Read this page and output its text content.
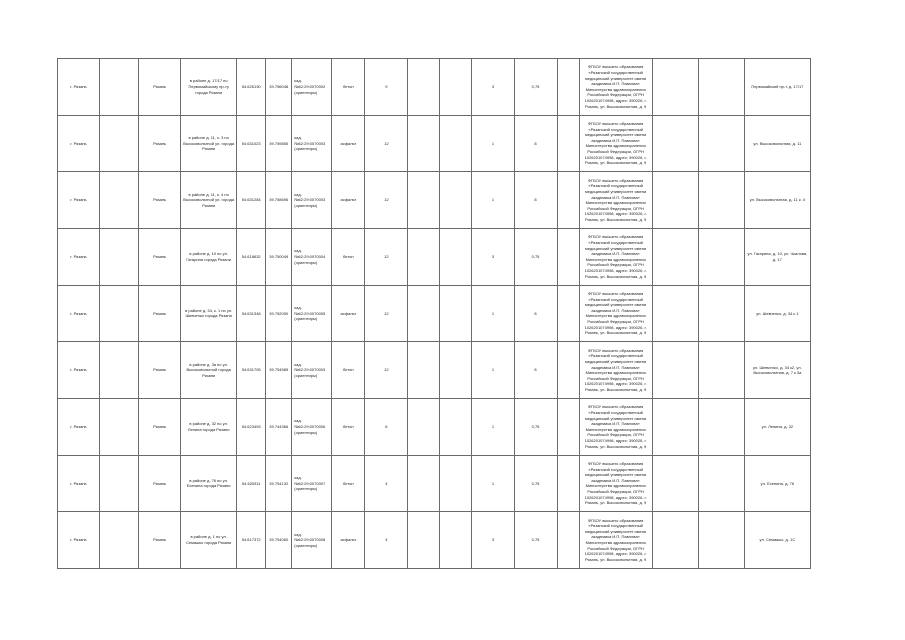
г. Рязань		Рязань	в районе д. 17/17 по Первомайскому пр-ту города Рязани	54.626130	39.756048	кад.№62:29:0070002 (ориентиры)	бетон	9			3	0,75		ФГБОУ высшего образования «Рязанский государственный медицинский университет имени академика И.П. Павлова» Министерства здравоохранения Российской Федерации, ОГРН 1026201074998, адрес: 390026, г. Рязань, ул. Высоковольтная, д. 9			Первомайский пр-т, д. 17/17
г. Рязань		Рязань	в районе д. 11, к. 3 по Высоковольтной ул. города Рязани	54.631023	39.759855	кад.№62:29:0070003 (ориентиры)	асфальт	12			1	8		ФГБОУ высшего образования «Рязанский государственный медицинский университет имени академика И.П. Павлова» Министерства здравоохранения Российской Федерации, ОГРН 1026201074998, адрес: 390026, г. Рязань, ул. Высоковольтная, д. 9			ул. Высоковольтная, д. 11
г. Рязань		Рязань	в районе д. 11, к. 4 по Высоковольтной ул. города Рязани	54.631284	39.758696	кад.№62:29:0070003 (ориентиры)	асфальт	12			1	8		ФГБОУ высшего образования «Рязанский государственный медицинский университет имени академика И.П. Павлова» Министерства здравоохранения Российской Федерации, ОГРН 1026201074998, адрес: 390026, г. Рязань, ул. Высоковольтная, д. 9			ул. Высоковольтная, д. 11 к. 4
г. Рязань		Рязань	в районе д. 10 по ул. Гагарина города Рязани	54.618632	39.750049	кад.№62:29:0070004 (ориентиры)	бетон	12			3	0,75		ФГБОУ высшего образования «Рязанский государственный медицинский университет имени академика И.П. Павлова» Министерства здравоохранения Российской Федерации, ОГРН 1026201074998, адрес: 390026, г. Рязань, ул. Высоковольтная, д. 9			ул. Гагарина, д. 10, ул. Чкалова, д. 17
г. Рязань		Рязань	в районе д. 34, к. 1 по ул. Шевченко города Рязани	54.631348	39.752090	кад.№62:29:0070005 (ориентиры)	асфальт	12			1	8		ФГБОУ высшего образования «Рязанский государственный медицинский университет имени академика И.П. Павлова» Министерства здравоохранения Российской Федерации, ОГРН 1026201074998, адрес: 390026, г. Рязань, ул. Высоковольтная, д. 9			ул. Шевченко, д. 34 к 1
г. Рязань		Рязань	в районе д. 3а по ул. Высоковольтной города Рязани	54.631705	39.754585	кад.№62:29:0070003 (ориентиры)	бетон	12			1	8		ФГБОУ высшего образования «Рязанский государственный медицинский университет имени академика И.П. Павлова» Министерства здравоохранения Российской Федерации, ОГРН 1026201074998, адрес: 390026, г. Рязань, ул. Высоковольтная, д. 9			ул. Шевченко, д. 34 к2, ул. Высоковольтная, д. 7 к 3а
г. Рязань		Рязань	в районе д. 32 по ул. Ленина города Рязани	54.623493	39.744366	кад.№62:29:0070006 (ориентиры)	бетон	6			1	0,75		ФГБОУ высшего образования «Рязанский государственный медицинский университет имени академика И.П. Павлова» Министерства здравоохранения Российской Федерации, ОГРН 1026201074998, адрес: 390026, г. Рязань, ул. Высоковольтная, д. 9			ул. Ленина, д. 32
г. Рязань		Рязань	в районе д. 76 по ул. Есенина города Рязани	54.620511	39.754132	кад.№62:29:0070007 (ориентиры)	бетон	4			1	0,75		ФГБОУ высшего образования «Рязанский государственный медицинский университет имени академика И.П. Павлова» Министерства здравоохранения Российской Федерации, ОГРН 1026201074998, адрес: 390026, г. Рязань, ул. Высоковольтная, д. 9			ул. Есенина, д. 76
г. Рязань		Рязань	в районе д. 1 по ул. Семашко города Рязани	54.617372	39.754060	кад.№62:29:0070008 (ориентиры)	асфальт	4			3	0,75		ФГБОУ высшего образования «Рязанский государственный медицинский университет имени академика И.П. Павлова» Министерства здравоохранения Российской Федерации, ОГРН 1026201074998, адрес: 390026, г. Рязань, ул. Высоковольтная, д. 9			ул. Семашко, д. 1С
